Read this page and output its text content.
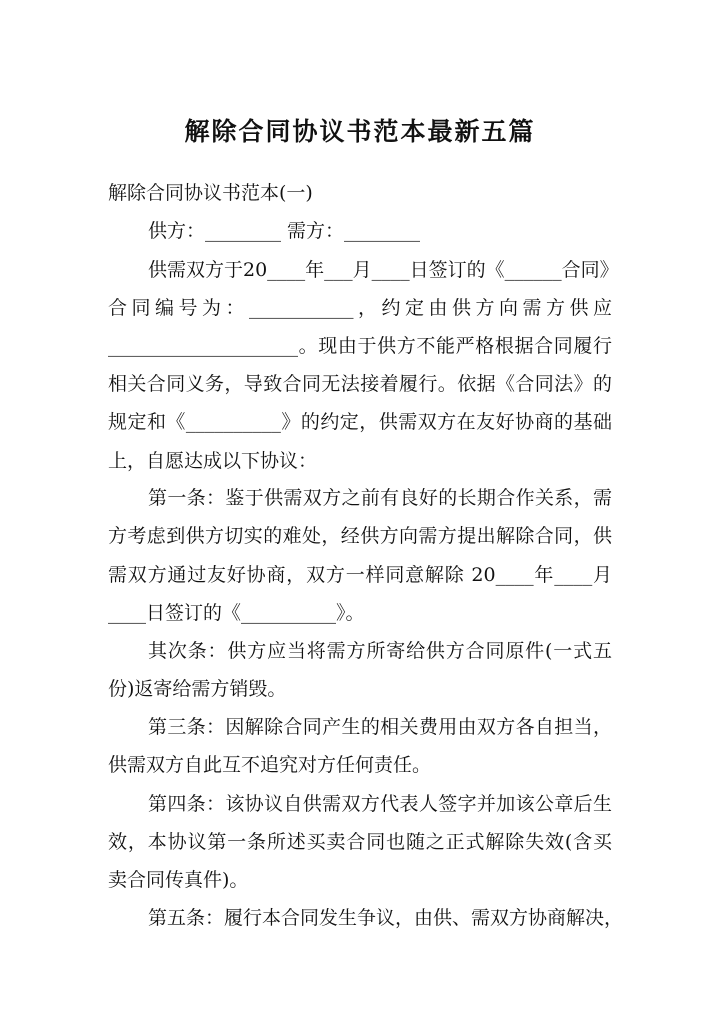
解除合同协议书范本最新五篇
解除合同协议书范本(一)
供方：________ 需方：________
供需双方于20____年___月____日签订的《______合同》
合同编号为：___________，约定由供方向需方供应
____________________。现由于供方不能严格根据合同履行
相关合同义务，导致合同无法接着履行。依据《合同法》的
规定和《__________》的约定，供需双方在友好协商的基础
上，自愿达成以下协议：
第一条：鉴于供需双方之前有良好的长期合作关系，需
方考虑到供方切实的难处，经供方向需方提出解除合同，供
需双方通过友好协商，双方一样同意解除 20____年____月
____日签订的《__________》。
其次条：供方应当将需方所寄给供方合同原件(一式五
份)返寄给需方销毁。
第三条：因解除合同产生的相关费用由双方各自担当，
供需双方自此互不追究对方任何责任。
第四条：该协议自供需双方代表人签字并加该公章后生
效，本协议第一条所述买卖合同也随之正式解除失效(含买
卖合同传真件)。
第五条：履行本合同发生争议，由供、需双方协商解决，
